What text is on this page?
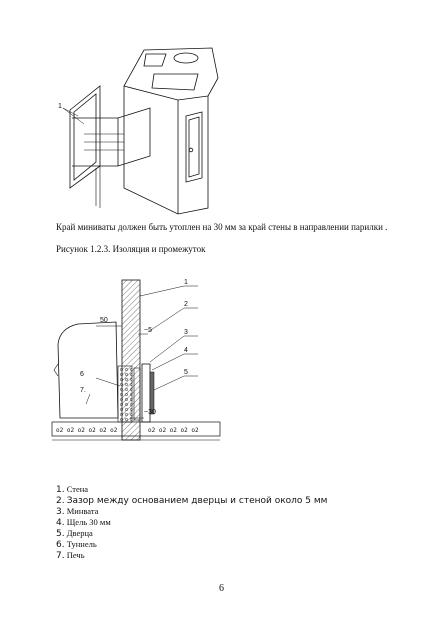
1
Край миниваты должен быть утоплен на 30 мм за край стены в направлении парилки .
Рисунок 1.2.3. Изоляция и промежуток
o2 o2 o2 o2 o2 o2	o2 o2 o2 o2 o2
50
~5
~30
1
2
3
4
5
6
7.
1. Стена
2. Зазор между основанием дверцы и стеной около 5 мм
3. Минвата
4. Щель 30 мм
5. Дверца
6. Туннель
7. Печь
6
